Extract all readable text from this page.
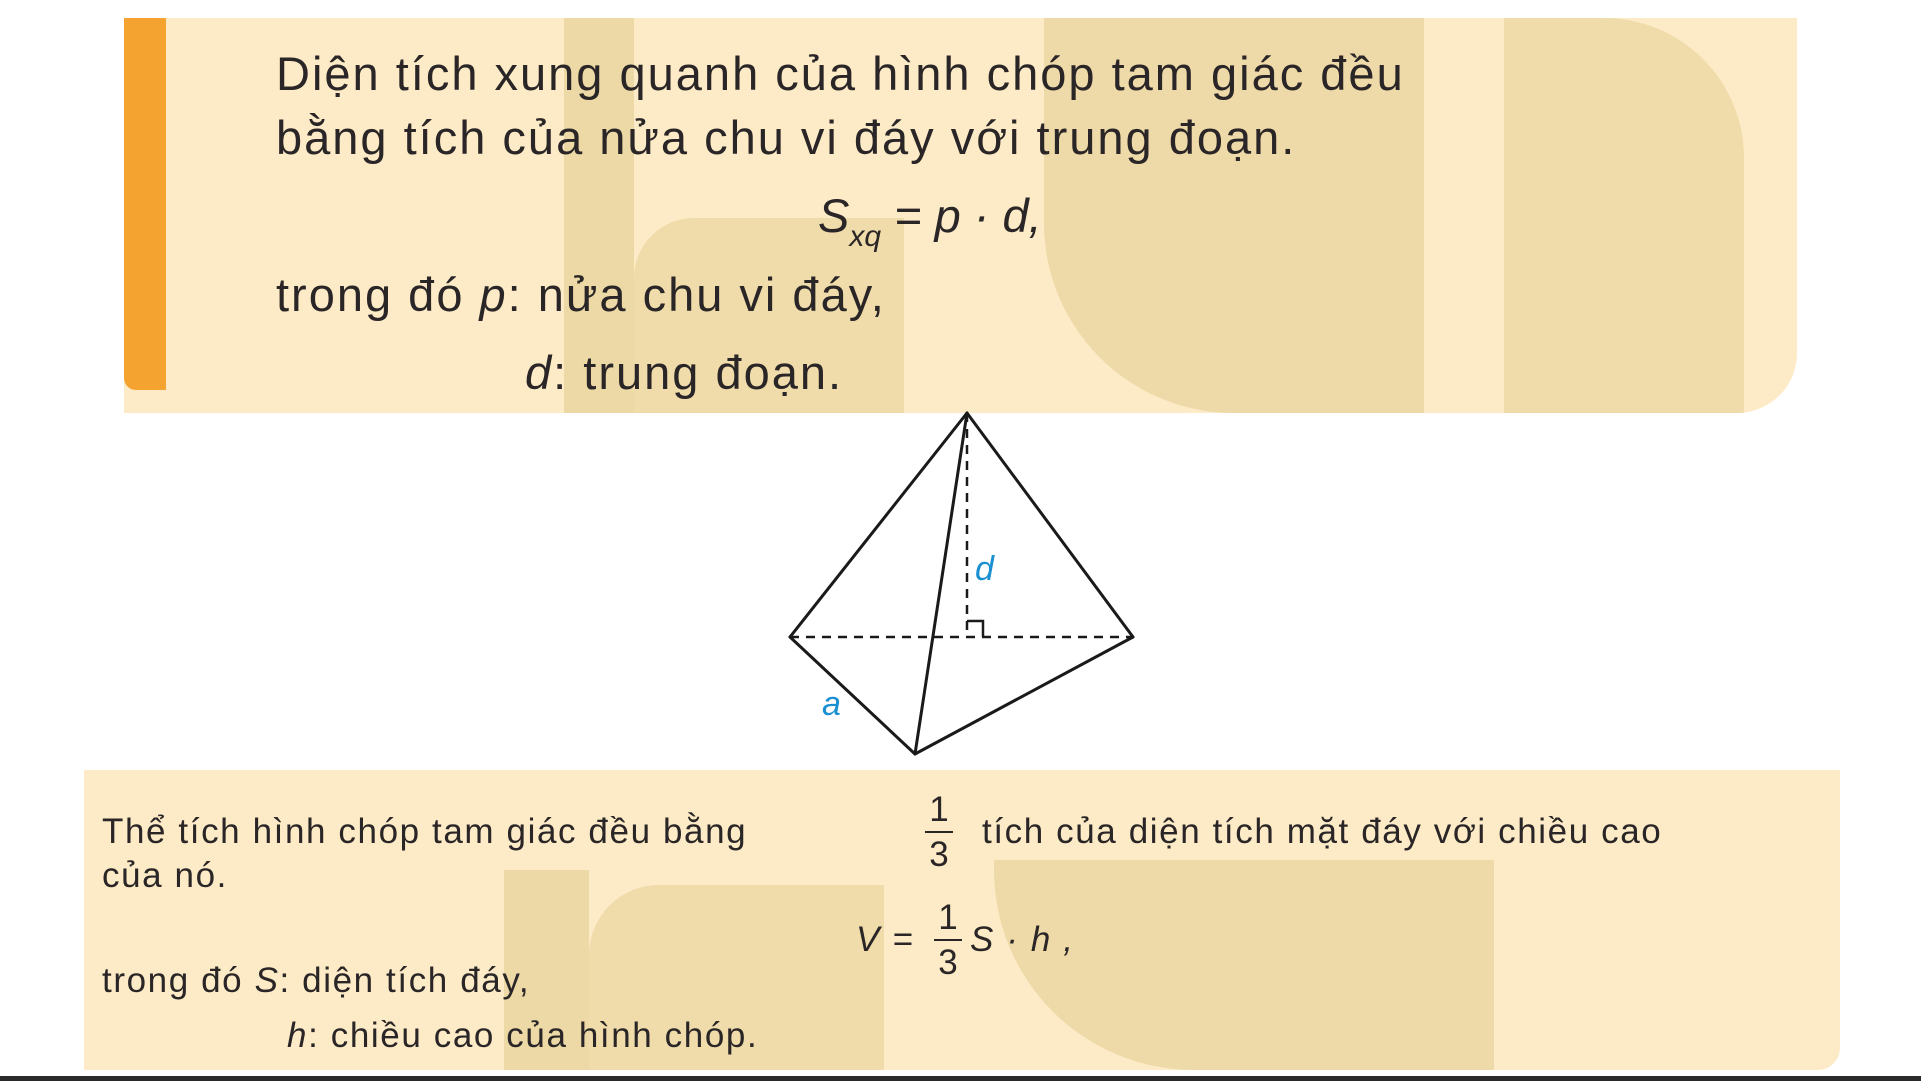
Diện tích xung quanh của hình chóp tam giác đều
bằng tích của nửa chu vi đáy với trung đoạn.
$S_{xq} = p \cdot d$,
trong đó p: nửa chu vi đáy,
d: trung đoạn.
d
a
Thể tích hình chóp tam giác đều bằng
1
3
tích của diện tích mặt đáy với chiều cao
của nó.
V =
1
3
S · h ,
trong đó S: diện tích đáy,
h: chiều cao của hình chóp.
